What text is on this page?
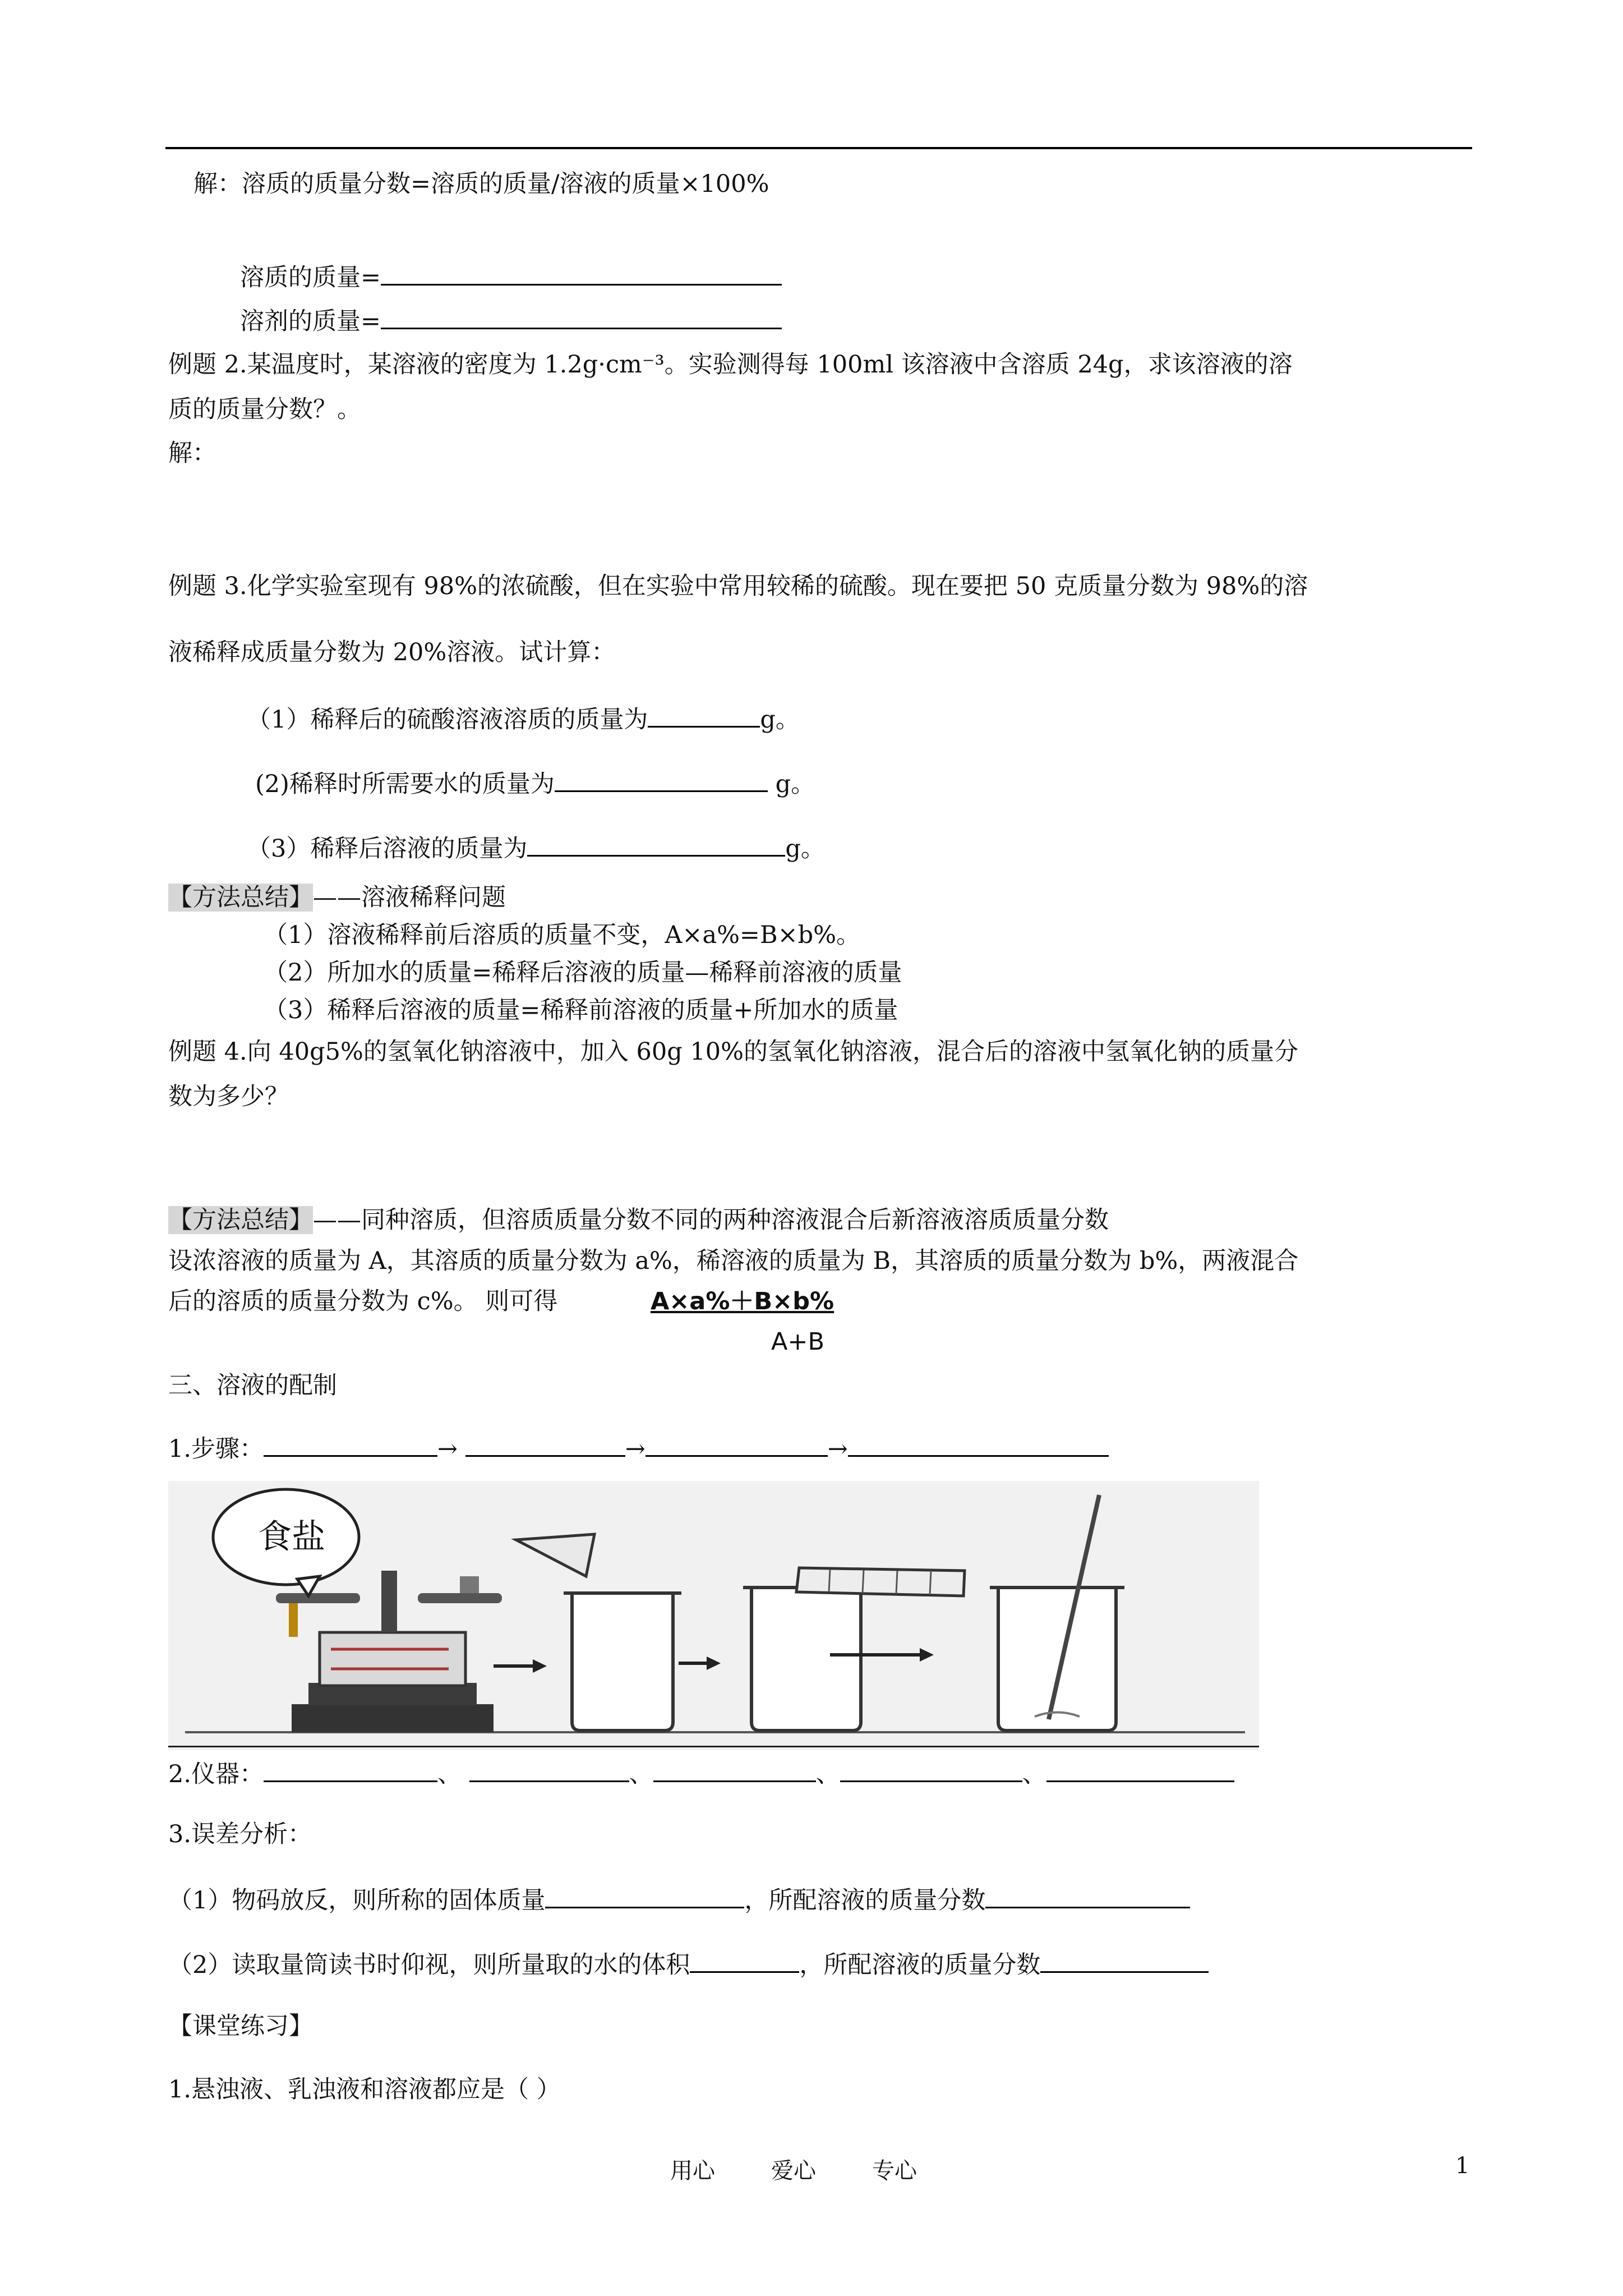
解：溶质的质量分数=溶质的质量/溶液的质量×100%
溶质的质量=
溶剂的质量=
例题 2.某温度时，某溶液的密度为 1.2g·cm⁻³。实验测得每 100ml 该溶液中含溶质 24g，求该溶液的溶
质的质量分数？。
解：
例题 3.化学实验室现有 98%的浓硫酸，但在实验中常用较稀的硫酸。现在要把 50 克质量分数为 98%的溶
液稀释成质量分数为 20%溶液。试计算：
（1）稀释后的硫酸溶液溶质的质量为	g。
(2)稀释时所需要水的质量为	g。
（3）稀释后溶液的质量为	g。
【方法总结】——溶液稀释问题
（1）溶液稀释前后溶质的质量不变，A×a%=B×b%。
（2）所加水的质量=稀释后溶液的质量—稀释前溶液的质量
（3）稀释后溶液的质量=稀释前溶液的质量+所加水的质量
例题 4.向 40g5%的氢氧化钠溶液中，加入 60g 10%的氢氧化钠溶液，混合后的溶液中氢氧化钠的质量分
数为多少？
【方法总结】——同种溶质，但溶质质量分数不同的两种溶液混合后新溶液溶质质量分数
设浓溶液的质量为 A，其溶质的质量分数为 a%，稀溶液的质量为 B，其溶质的质量分数为 b%，两液混合
后的溶质的质量分数为 c%。 则可得	A×a%＋B×b%
A+B
三、溶液的配制
1.步骤：	→	→	→
食盐
2.仪器：	、	、	、	、
3.误差分析：
（1）物码放反，则所称的固体质量	，所配溶液的质量分数
（2）读取量筒读书时仰视，则所量取的水的体积	，所配溶液的质量分数
【课堂练习】
1.悬浊液、乳浊液和溶液都应是（ ）
用心	爱心	专心	1
